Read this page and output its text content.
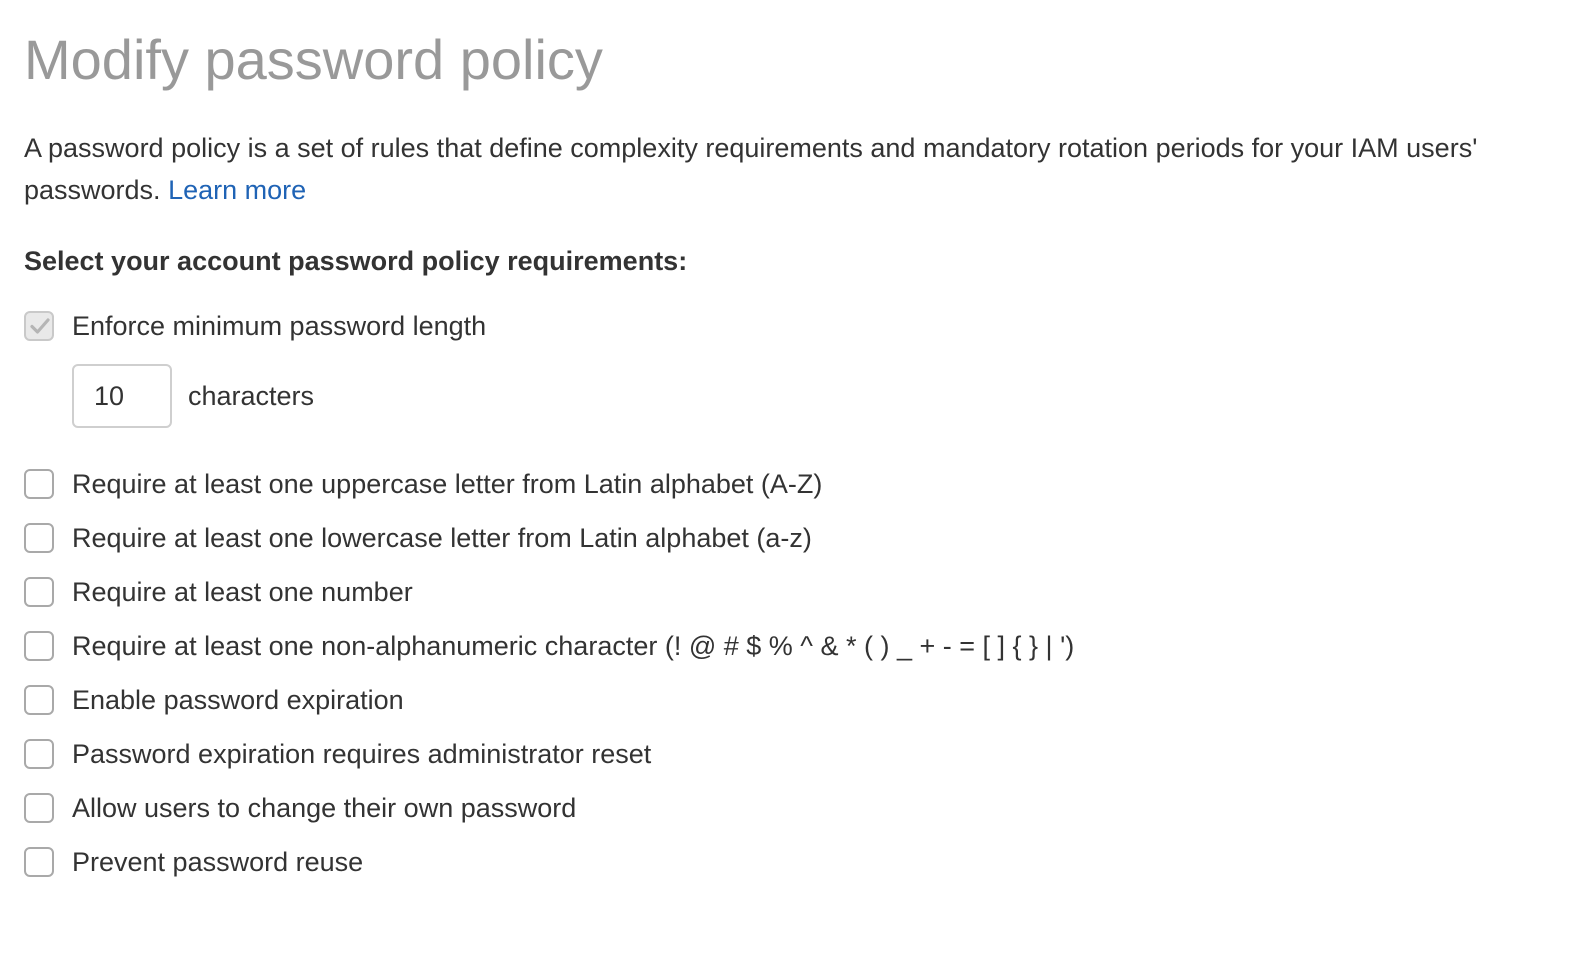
Modify password policy

A password policy is a set of rules that define complexity requirements and mandatory rotation periods for your IAM users' passwords. Learn more

Select your account password policy requirements:

Enforce minimum password length
10
characters
Require at least one uppercase letter from Latin alphabet (A-Z)
Require at least one lowercase letter from Latin alphabet (a-z)
Require at least one number
Require at least one non-alphanumeric character (! @ # $ % ^ & * ( ) _ + - = [ ] { } | ')
Enable password expiration
Password expiration requires administrator reset
Allow users to change their own password
Prevent password reuse
